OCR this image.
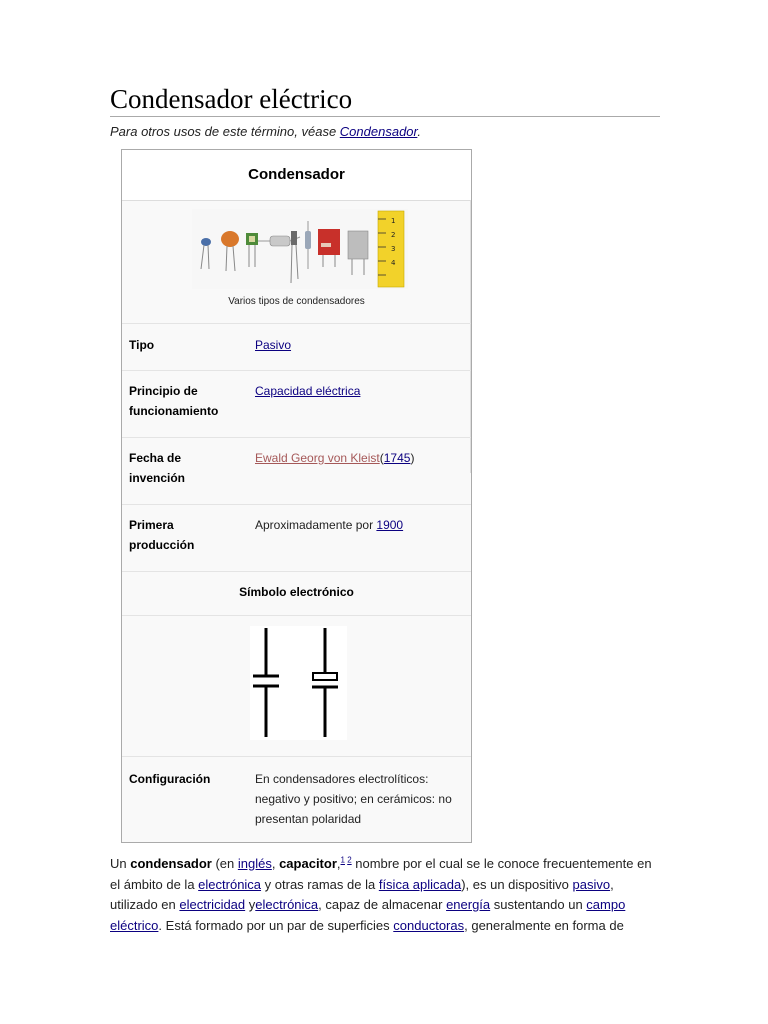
Condensador eléctrico
Para otros usos de este término, véase Condensador.
Condensador
1
2
3
4
Varios tipos de condensadores
Tipo	Pasivo
Principio de funcionamiento
Capacidad eléctrica
Fecha de invención
Ewald Georg von Kleist(1745)
Primera producción
Aproximadamente por 1900
Símbolo electrónico
Configuración	En condensadores electrolíticos: negativo y positivo; en cerámicos: no presentan polaridad
Un condensador (en inglés, capacitor,$^{1 2}$ nombre por el cual se le conoce frecuentemente en el ámbito de la electrónica y otras ramas de la física aplicada), es un dispositivo pasivo, utilizado en electricidad yelectrónica, capaz de almacenar energía sustentando un campo eléctrico. Está formado por un par de superficies conductoras, generalmente en forma de
